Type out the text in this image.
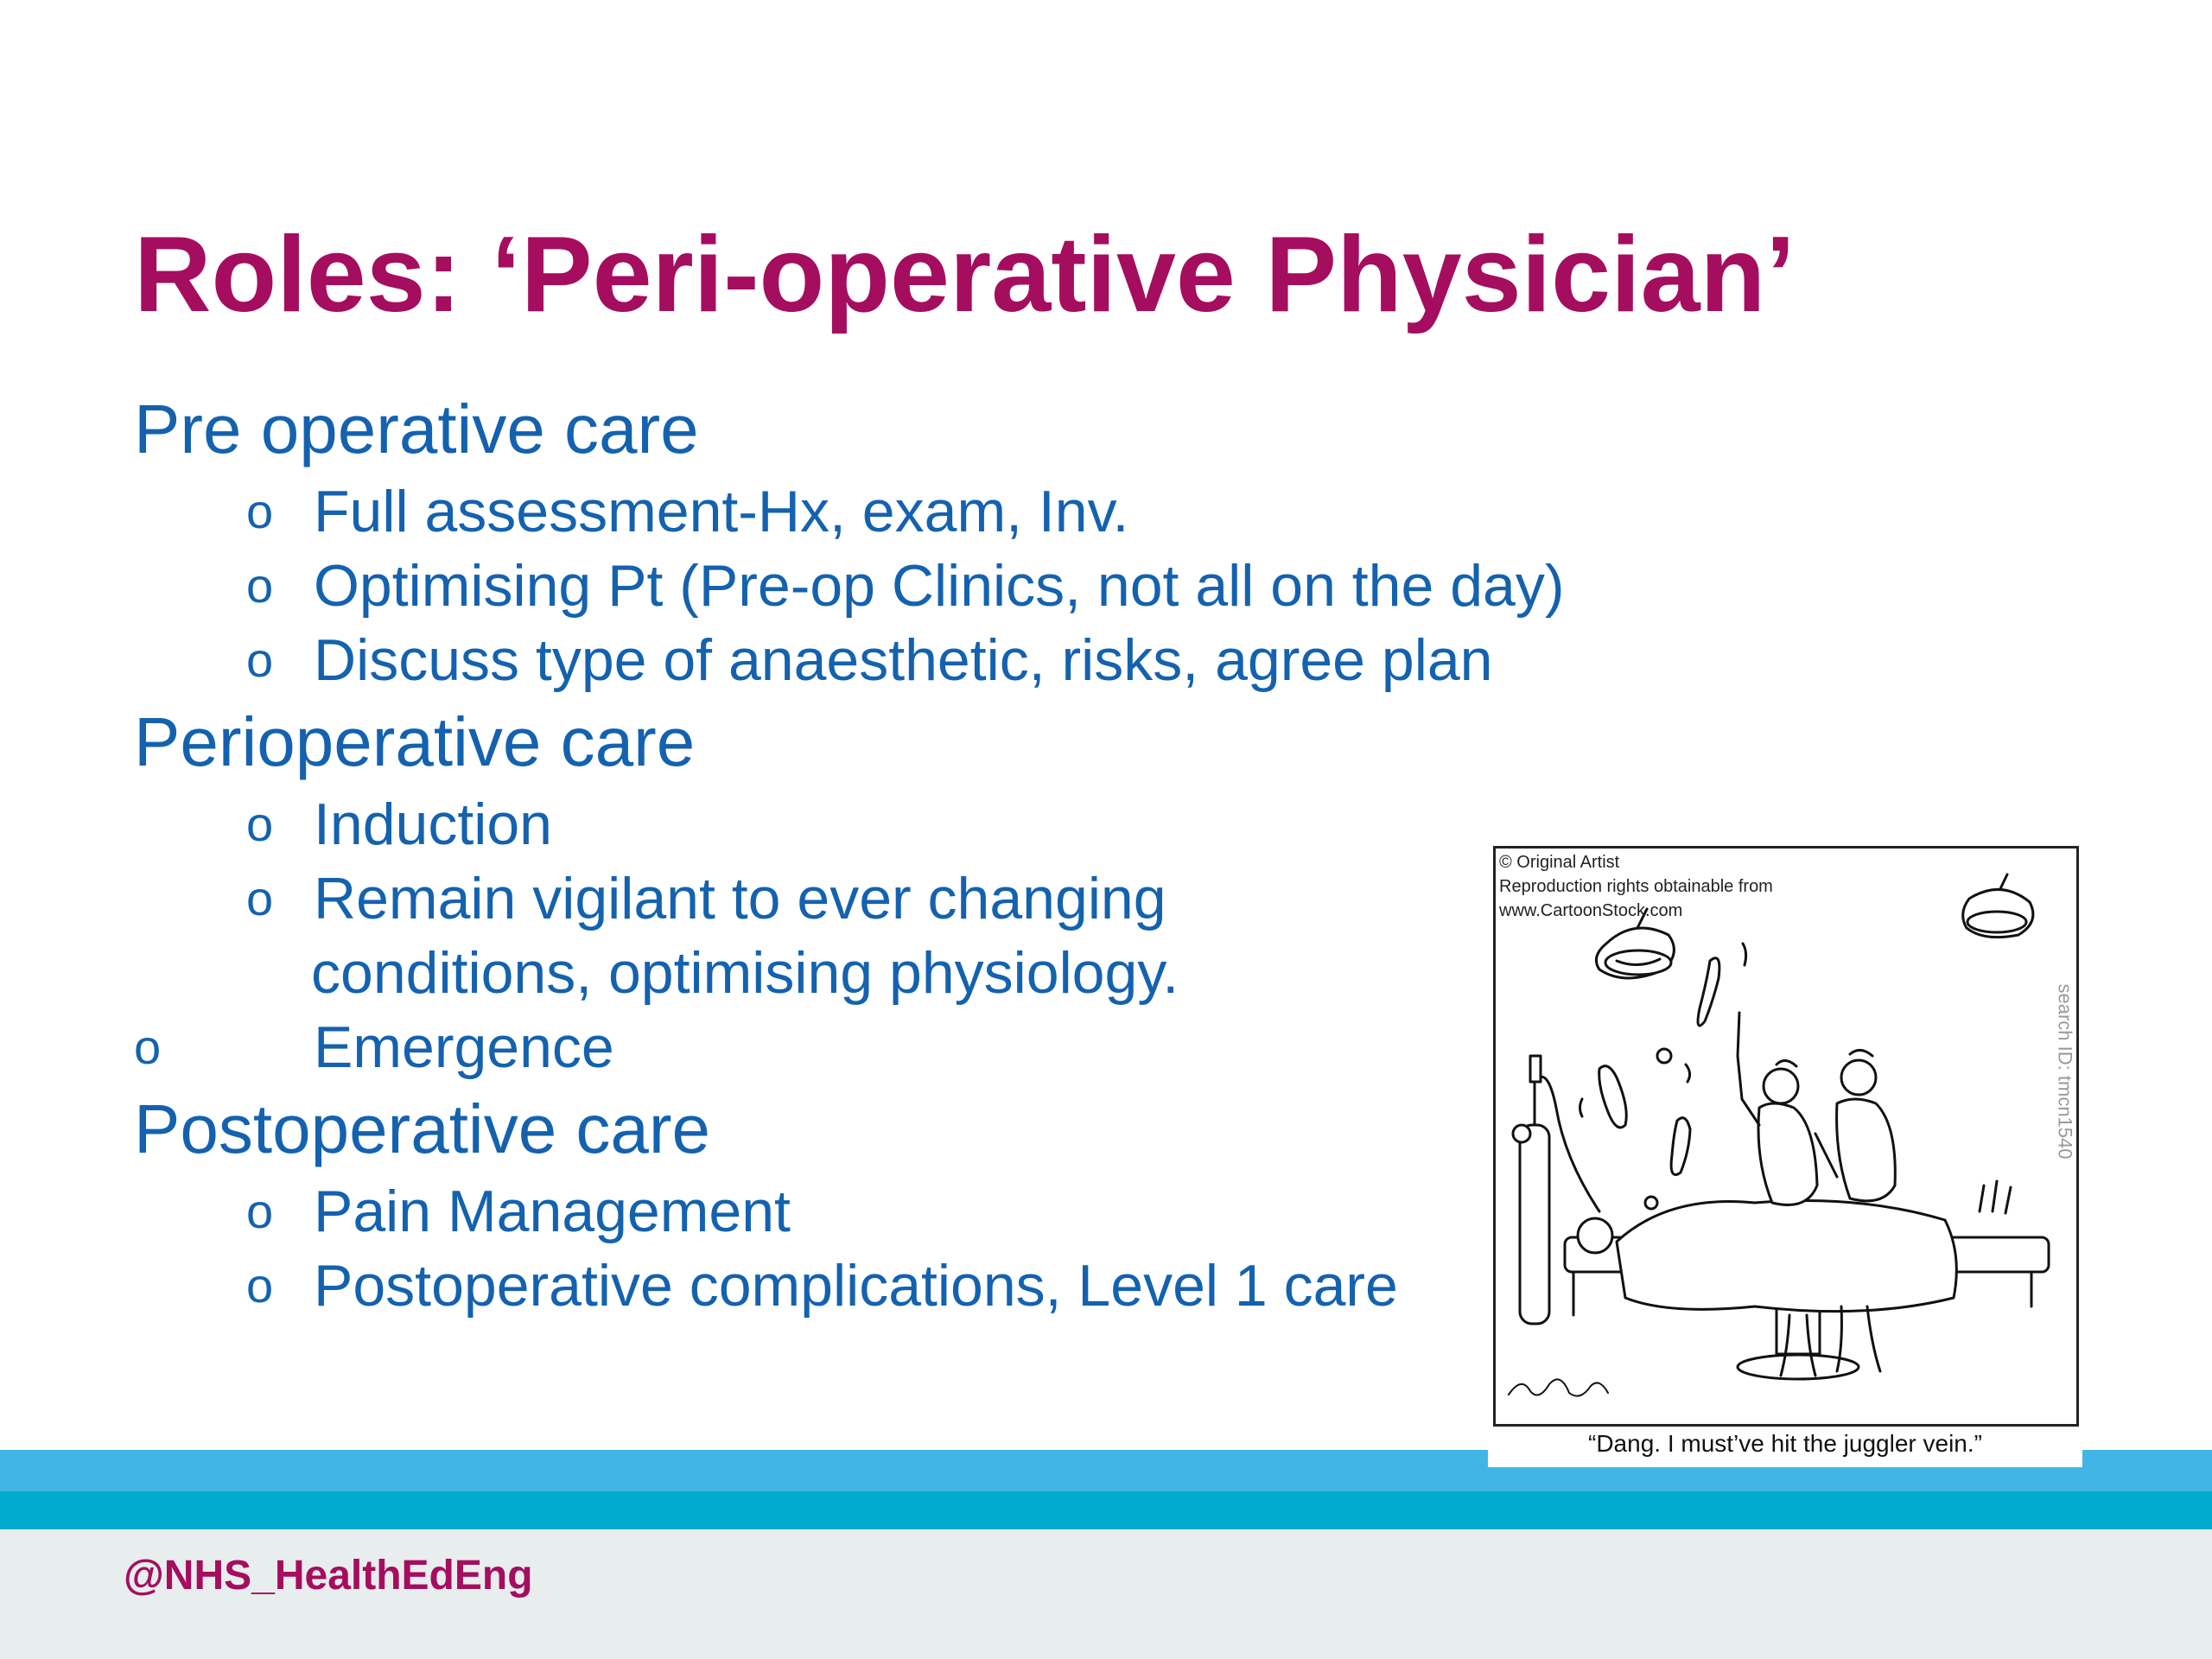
Roles: ‘Peri-operative Physician’

Pre operative care

o Full assessment-Hx, exam, Inv.
o Optimising Pt (Pre-op Clinics, not all on the day)
o Discuss type of anaesthetic, risks, agree plan

Perioperative care

o Induction
o Remain vigilant to ever changing
conditions, optimising physiology.
o	Emergence

Postoperative care

o Pain Management
o Postoperative complications, Level 1 care
© Original Artist
Reproduction rights obtainable from
www.CartoonStock.com
search ID: tmcn1540
“Dang. I must’ve hit the juggler vein.”
@NHS_HealthEdEng
